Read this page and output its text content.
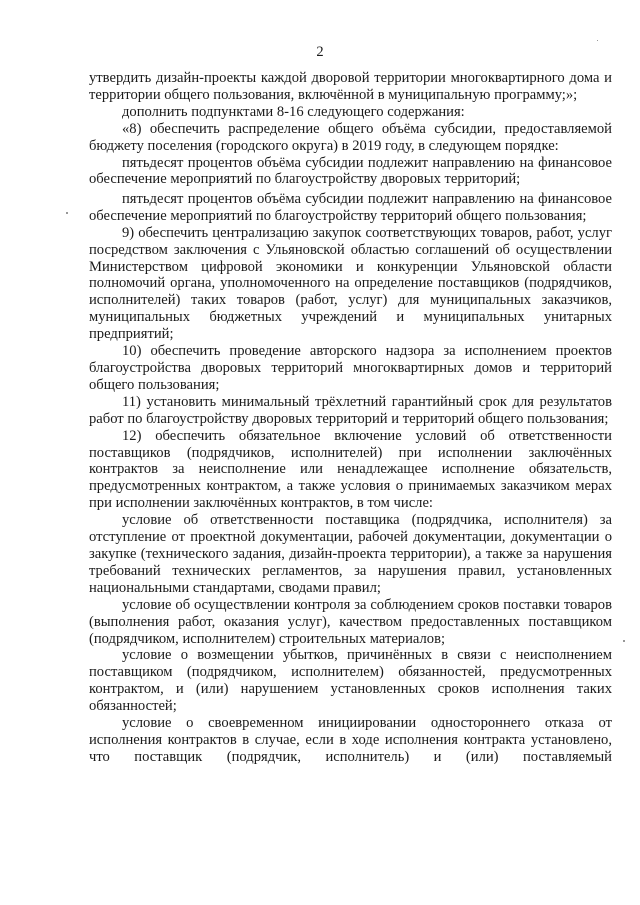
2

утвердить дизайн-проекты каждой дворовой территории многоквартирного дома и территории общего пользования, включённой в муниципальную программу;»;

дополнить подпунктами 8-16 следующего содержания:

«8) обеспечить распределение общего объёма субсидии, предоставляемой бюджету поселения (городского округа) в 2019 году, в следующем порядке:

пятьдесят процентов объёма субсидии подлежит направлению на финансовое обеспечение мероприятий по благоустройству дворовых территорий;

пятьдесят процентов объёма субсидии подлежит направлению на финансовое обеспечение мероприятий по благоустройству территорий общего пользования;

9) обеспечить централизацию закупок соответствующих товаров, работ, услуг посредством заключения с Ульяновской областью соглашений об осуществлении Министерством цифровой экономики и конкуренции Ульяновской области полномочий органа, уполномоченного на определение поставщиков (подрядчиков, исполнителей) таких товаров (работ, услуг) для муниципальных заказчиков, муниципальных бюджетных учреждений и муниципальных унитарных предприятий;

10) обеспечить проведение авторского надзора за исполнением проектов благоустройства дворовых территорий многоквартирных домов и территорий общего пользования;

11) установить минимальный трёхлетний гарантийный срок для результатов работ по благоустройству дворовых территорий и территорий общего пользования;

12) обеспечить обязательное включение условий об ответственности поставщиков (подрядчиков, исполнителей) при исполнении заключённых контрактов за неисполнение или ненадлежащее исполнение обязательств, предусмотренных контрактом, а также условия о принимаемых заказчиком мерах при исполнении заключённых контрактов, в том числе:

условие об ответственности поставщика (подрядчика, исполнителя) за отступление от проектной документации, рабочей документации, документации о закупке (технического задания, дизайн-проекта территории), а также за нарушения требований технических регламентов, за нарушения правил, установленных национальными стандартами, сводами правил;

условие об осуществлении контроля за соблюдением сроков поставки товаров (выполнения работ, оказания услуг), качеством предоставленных поставщиком (подрядчиком, исполнителем) строительных материалов;

условие о возмещении убытков, причинённых в связи с неисполнением поставщиком (подрядчиком, исполнителем) обязанностей, предусмотренных контрактом, и (или) нарушением установленных сроков исполнения таких обязанностей;

условие о своевременном инициировании одностороннего отказа от исполнения контрактов в случае, если в ходе исполнения контракта установлено, что поставщик (подрядчик, исполнитель) и (или) поставляемый
